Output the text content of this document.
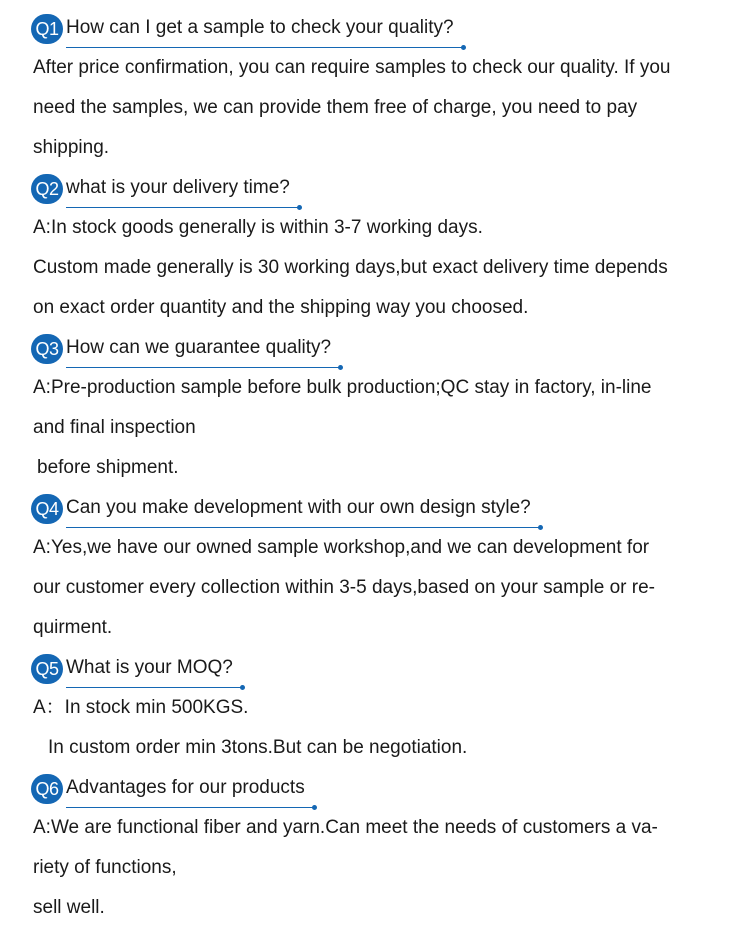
Q1 How can I get a sample to check your quality?
After price confirmation, you can require samples to check our quality. If you
need the samples, we can provide them free of charge, you need to pay
shipping.
Q2 what is your delivery time?
A:In stock goods generally is within 3-7 working days.
Custom made generally is 30 working days,but exact delivery time depends
on exact order quantity and the shipping way you choosed.
Q3 How can we guarantee quality?
A:Pre-production sample before bulk production;QC stay in factory, in-line
and final inspection
before shipment.
Q4 Can you make development with our own design style?
A:Yes,we have our owned sample workshop,and we can development for
our customer every collection within 3-5 days,based on your sample or re-
quirment.
Q5 What is your MOQ?
A：In stock min 500KGS.
In custom order min 3tons.But can be negotiation.
Q6 Advantages for our products
A:We are functional fiber and yarn.Can meet the needs of customers a va-
riety of functions,
sell well.
